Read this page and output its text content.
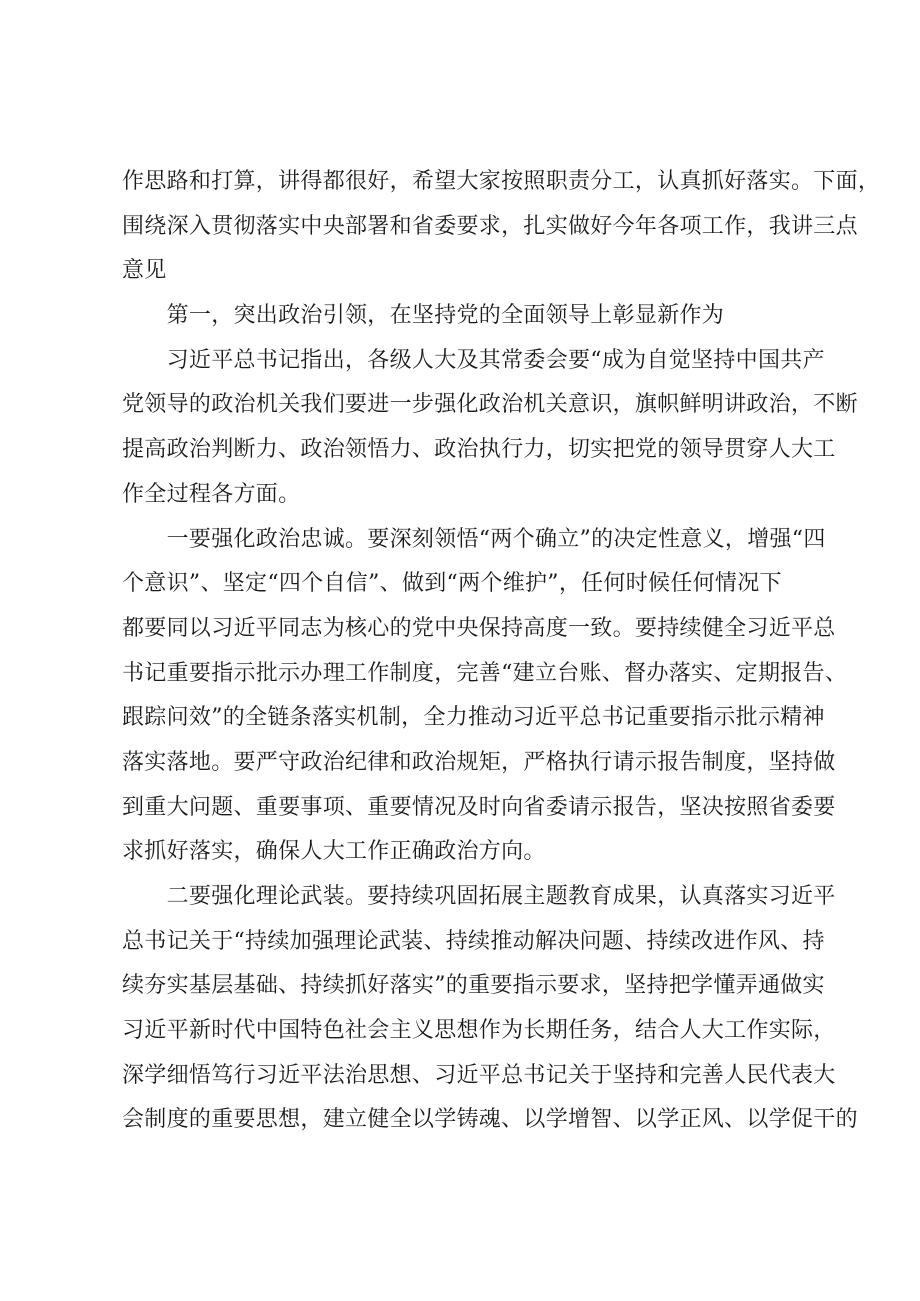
作思路和打算，讲得都很好，希望大家按照职责分工，认真抓好落实。下面，
围绕深入贯彻落实中央部署和省委要求，扎实做好今年各项工作，我讲三点
意见
　　第一，突出政治引领，在坚持党的全面领导上彰显新作为
　　习近平总书记指出，各级人大及其常委会要“成为自觉坚持中国共产
党领导的政治机关我们要进一步强化政治机关意识，旗帜鲜明讲政治，不断
提高政治判断力、政治领悟力、政治执行力，切实把党的领导贯穿人大工
作全过程各方面。
　　一要强化政治忠诚。要深刻领悟“两个确立”的决定性意义，增强“四
个意识”、坚定“四个自信”、做到“两个维护”，任何时候任何情况下
都要同以习近平同志为核心的党中央保持高度一致。要持续健全习近平总
书记重要指示批示办理工作制度，完善“建立台账、督办落实、定期报告、
跟踪问效”的全链条落实机制，全力推动习近平总书记重要指示批示精神
落实落地。要严守政治纪律和政治规矩，严格执行请示报告制度，坚持做
到重大问题、重要事项、重要情况及时向省委请示报告，坚决按照省委要
求抓好落实，确保人大工作正确政治方向。
　　二要强化理论武装。要持续巩固拓展主题教育成果，认真落实习近平
总书记关于“持续加强理论武装、持续推动解决问题、持续改进作风、持
续夯实基层基础、持续抓好落实”的重要指示要求，坚持把学懂弄通做实
习近平新时代中国特色社会主义思想作为长期任务，结合人大工作实际，
深学细悟笃行习近平法治思想、习近平总书记关于坚持和完善人民代表大
会制度的重要思想，建立健全以学铸魂、以学增智、以学正风、以学促干的
